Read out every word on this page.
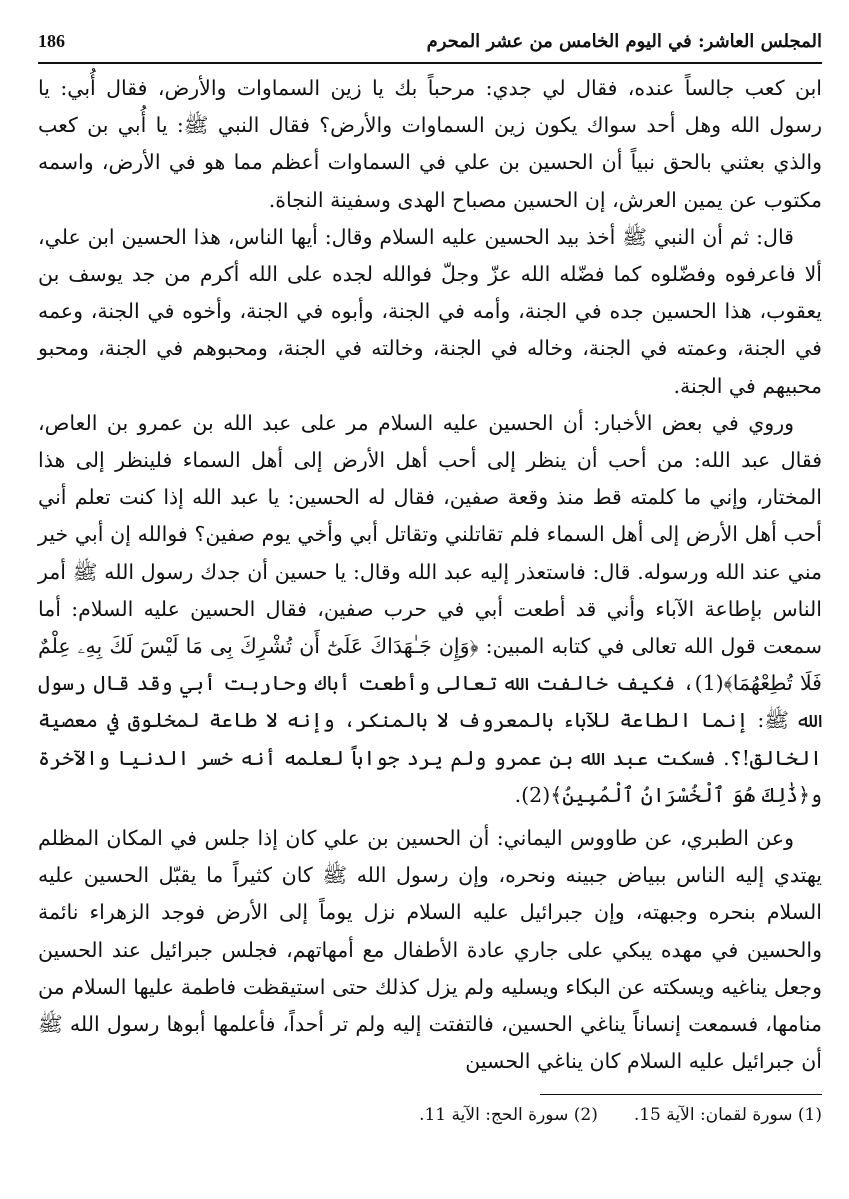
المجلس العاشر: في اليوم الخامس من عشر المحرم
186

ابن كعب جالساً عنده، فقال لي جدي: مرحباً بك يا زين السماوات والأرض، فقال أُبي: يا رسول الله وهل أحد سواك يكون زين السماوات والأرض؟ فقال النبي ﷺ: يا أُبي بن كعب والذي بعثني بالحق نبياً أن الحسين بن علي في السماوات أعظم مما هو في الأرض، واسمه مكتوب عن يمين العرش، إن الحسين مصباح الهدى وسفينة النجاة.

قال: ثم أن النبي ﷺ أخذ بيد الحسين عليه السلام وقال: أيها الناس، هذا الحسين ابن علي، ألا فاعرفوه وفضّلوه كما فضّله الله عزّ وجلّ فوالله لجده على الله أكرم من جد يوسف بن يعقوب، هذا الحسين جده في الجنة، وأمه في الجنة، وأبوه في الجنة، وأخوه في الجنة، وعمه في الجنة، وعمته في الجنة، وخاله في الجنة، وخالته في الجنة، ومحبوهم في الجنة، ومحبو محبيهم في الجنة.

وروي في بعض الأخبار: أن الحسين عليه السلام مر على عبد الله بن عمرو بن العاص، فقال عبد الله: من أحب أن ينظر إلى أحب أهل الأرض إلى أهل السماء فلينظر إلى هذا المختار، وإني ما كلمته قط منذ وقعة صفين، فقال له الحسين: يا عبد الله إذا كنت تعلم أني أحب أهل الأرض إلى أهل السماء فلم تقاتلني وتقاتل أبي وأخي يوم صفين؟ فوالله إن أبي خير مني عند الله ورسوله. قال: فاستعذر إليه عبد الله وقال: يا حسين أن جدك رسول الله ﷺ أمر الناس بإطاعة الآباء وأني قد أطعت أبي في حرب صفين، فقال الحسين عليه السلام: أما سمعت قول الله تعالى في كتابه المبين: ﴿وَإِن جَـٰهَدَاكَ عَلَىٰٓ أَن تُشْرِكَ بِى مَا لَيْسَ لَكَ بِهِۦ عِلْمٌ فَلَا تُطِعْهُمَا﴾(1)، فكيف خالفت الله تعالى وأطعت أباك وحاربت أبي وقد قال رسول الله ﷺ: إنما الطاعة للآباء بالمعروف لا بالمنكر، وإنه لا طاعة لمخلوق في معصية الخالق!؟. فسكت عبد الله بن عمرو ولم يرد جواباً لعلمه أنه خسر الدنيا والآخرة و﴿ذَٰلِكَ هُوَ ٱلْخُسْرَانُ ٱلْمُبِينُ﴾(2).

وعن الطبري، عن طاووس اليماني: أن الحسين بن علي كان إذا جلس في المكان المظلم يهتدي إليه الناس ببياض جبينه ونحره، وإن رسول الله ﷺ كان كثيراً ما يقبّل الحسين عليه السلام بنحره وجبهته، وإن جبرائيل عليه السلام نزل يوماً إلى الأرض فوجد الزهراء نائمة والحسين في مهده يبكي على جاري عادة الأطفال مع أمهاتهم، فجلس جبرائيل عند الحسين وجعل يناغيه ويسكته عن البكاء ويسليه ولم يزل كذلك حتى استيقظت فاطمة عليها السلام من منامها، فسمعت إنساناً يناغي الحسين، فالتفتت إليه ولم تر أحداً، فأعلمها أبوها رسول الله ﷺ أن جبرائيل عليه السلام كان يناغي الحسين

(1) سورة لقمان: الآية 15.
(2) سورة الحج: الآية 11.
